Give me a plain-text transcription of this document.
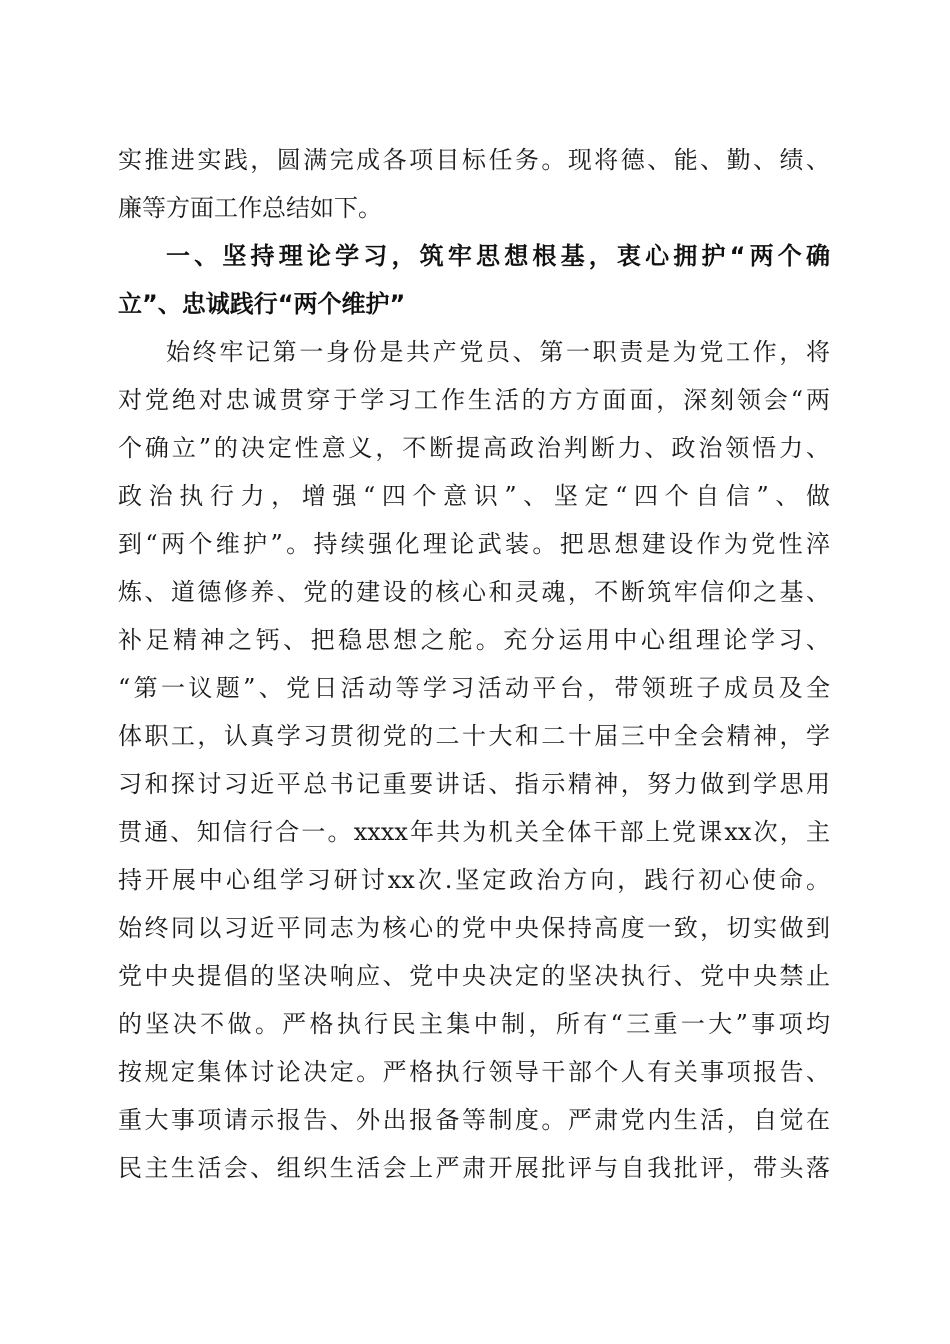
实推进实践，圆满完成各项目标任务。现将德、能、勤、绩、
廉等方面工作总结如下。
一、坚持理论学习，筑牢思想根基，衷心拥护“两个确
立”、忠诚践行“两个维护”
始终牢记第一身份是共产党员、第一职责是为党工作，将
对党绝对忠诚贯穿于学习工作生活的方方面面，深刻领会“两
个确立”的决定性意义，不断提高政治判断力、政治领悟力、
政治执行力，增强“四个意识”、坚定“四个自信”、做
到“两个维护”。持续强化理论武装。把思想建设作为党性淬
炼、道德修养、党的建设的核心和灵魂，不断筑牢信仰之基、
补足精神之钙、把稳思想之舵。充分运用中心组理论学习、
“第一议题”、党日活动等学习活动平台，带领班子成员及全
体职工，认真学习贯彻党的二十大和二十届三中全会精神，学
习和探讨习近平总书记重要讲话、指示精神，努力做到学思用
贯通、知信行合一。xxxx年共为机关全体干部上党课xx次，主
持开展中心组学习研讨xx次.坚定政治方向，践行初心使命。
始终同以习近平同志为核心的党中央保持高度一致，切实做到
党中央提倡的坚决响应、党中央决定的坚决执行、党中央禁止
的坚决不做。严格执行民主集中制，所有“三重一大”事项均
按规定集体讨论决定。严格执行领导干部个人有关事项报告、
重大事项请示报告、外出报备等制度。严肃党内生活，自觉在
民主生活会、组织生活会上严肃开展批评与自我批评，带头落
